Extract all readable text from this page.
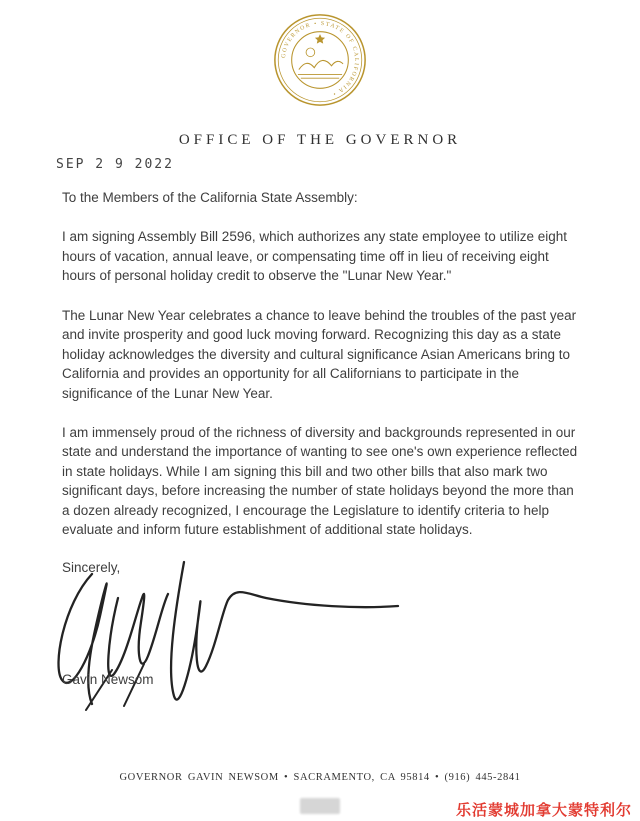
GOVERNOR • STATE OF CALIFORNIA •
OFFICE OF THE GOVERNOR
SEP 2 9 2022

To the Members of the California State Assembly:

I am signing Assembly Bill 2596, which authorizes any state employee to utilize eight hours of vacation, annual leave, or compensating time off in lieu of receiving eight hours of personal holiday credit to observe the "Lunar New Year."

The Lunar New Year celebrates a chance to leave behind the troubles of the past year and invite prosperity and good luck moving forward. Recognizing this day as a state holiday acknowledges the diversity and cultural significance Asian Americans bring to California and provides an opportunity for all Californians to participate in the significance of the Lunar New Year.

I am immensely proud of the richness of diversity and backgrounds represented in our state and understand the importance of wanting to see one's own experience reflected in state holidays. While I am signing this bill and two other bills that also mark two significant days, before increasing the number of state holidays beyond the more than a dozen already recognized, I encourage the Legislature to identify criteria to help evaluate and inform future establishment of additional state holidays.

Sincerely,
Gavin Newsom
GOVERNOR GAVIN NEWSOM • SACRAMENTO, CA 95814 • (916) 445-2841
乐活蒙城加拿大蒙特利尔
